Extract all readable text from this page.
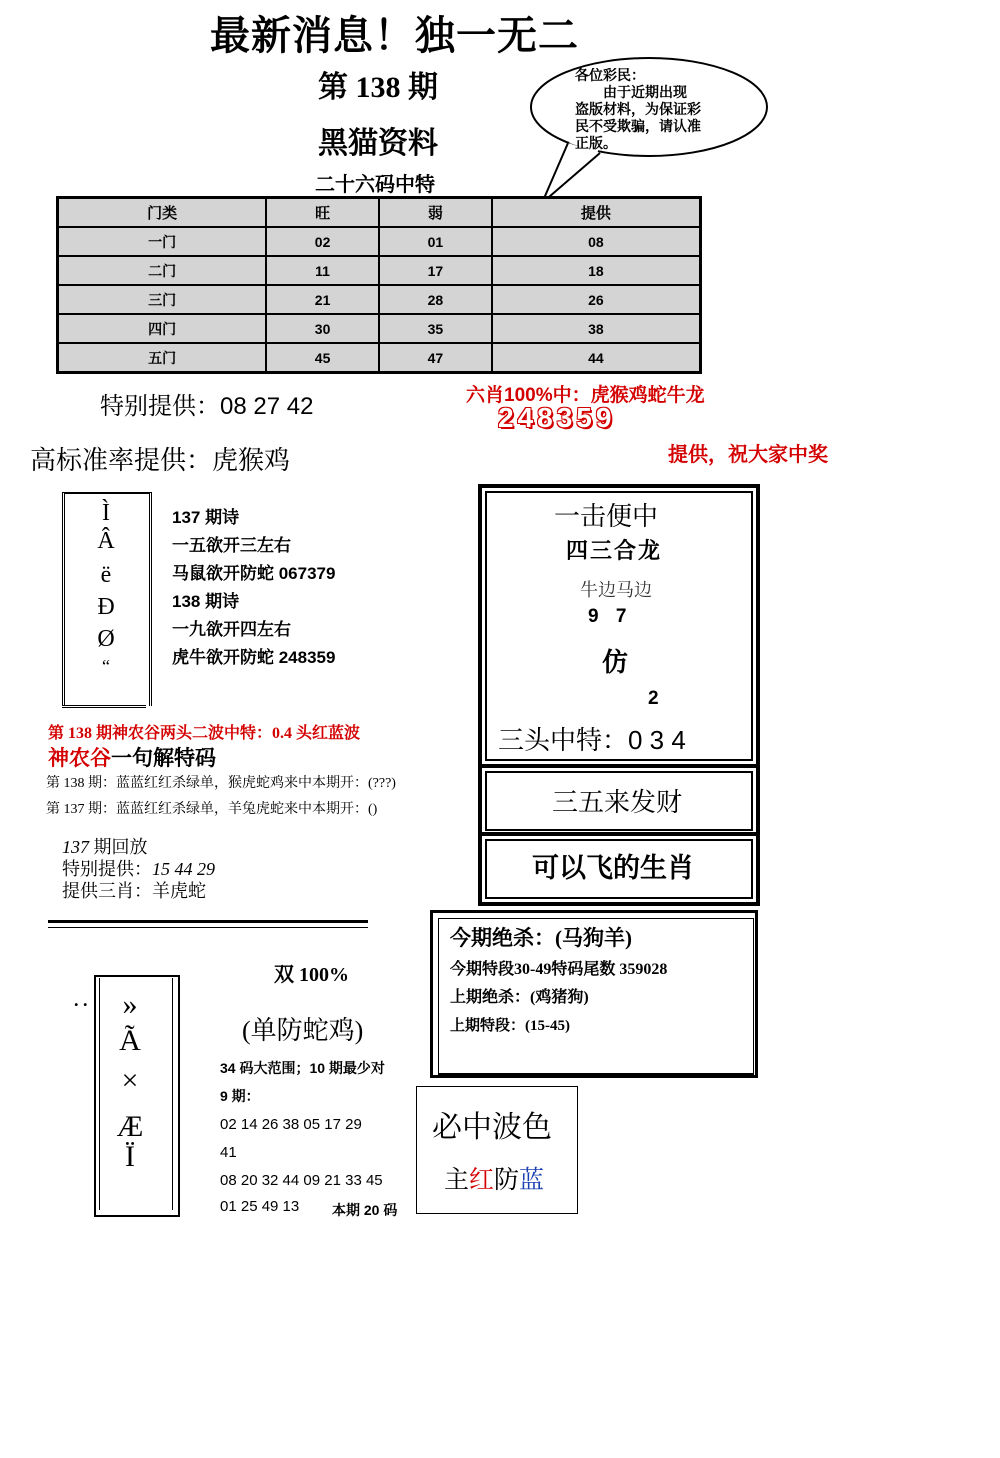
最新消息！独一无二
第 138 期
黑猫资料
二十六码中特
各位彩民：
由于近期出现
盗版材料，为保证彩
民不受欺骗，请认准
正版。
门类	旺	弱	提供
一门	02	01	08
二门	11	17	18
三门	21	28	26
四门	30	35	38
五门	45	47	44
特别提供：08 27 42
高标准率提供：虎猴鸡
六肖100%中：虎猴鸡蛇牛龙
248359
提供，祝大家中奖
Ì
Â
ë
Ð
Ø
“
137 期诗
一五欲开三左右
马鼠欲开防蛇 067379
138 期诗
一九欲开四左右
虎牛欲开防蛇 248359
一击便中
四三合龙
牛边马边
9 7
仿
2
三头中特：0 3 4
三五来发财
可以飞的生肖
第 138 期神农谷两头二波中特：0.4 头红蓝波
神农谷一句解特码
第 138 期：蓝蓝红红杀绿单，猴虎蛇鸡来中本期开：(???)
第 137 期：蓝蓝红红杀绿单，羊兔虎蛇来中本期开：()
137 期回放
特别提供：15 44 29
提供三肖：羊虎蛇
今期绝杀：(马狗羊)
今期特段30-49特码尾数 359028
上期绝杀：(鸡猪狗)
上期特段：(15-45)
. .	»
Ã
×
Æ
Ï
双 100%
(单防蛇鸡)
34 码大范围；10 期最少对
9 期：
02 14 26 38 05 17 29
41
08 20 32 44 09 21 33 45
01 25 49 13 本期 20 码
必中波色
主红防蓝
